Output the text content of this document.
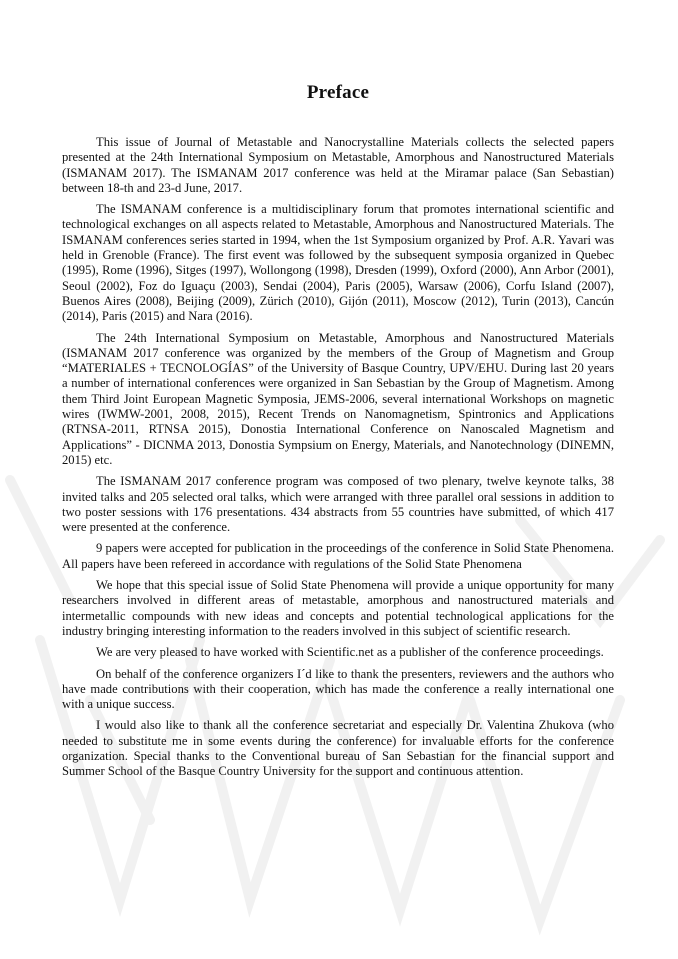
Preface

This issue of Journal of Metastable and Nanocrystalline Materials collects the selected papers presented at the 24th International Symposium on Metastable, Amorphous and Nanostructured Materials (ISMANAM 2017). The ISMANAM 2017 conference was held at the Miramar palace (San Sebastian) between 18-th and 23-d June, 2017.

The ISMANAM conference is a multidisciplinary forum that promotes international scientific and technological exchanges on all aspects related to Metastable, Amorphous and Nanostructured Materials. The ISMANAM conferences series started in 1994, when the 1st Symposium organized by Prof. A.R. Yavari was held in Grenoble (France). The first event was followed by the subsequent symposia organized in Quebec (1995), Rome (1996), Sitges (1997), Wollongong (1998), Dresden (1999), Oxford (2000), Ann Arbor (2001), Seoul (2002), Foz do Iguaçu (2003), Sendai (2004), Paris (2005), Warsaw (2006), Corfu Island (2007), Buenos Aires (2008), Beijing (2009), Zürich (2010), Gijón (2011), Moscow (2012), Turin (2013), Cancún (2014), Paris (2015) and Nara (2016).

The 24th International Symposium on Metastable, Amorphous and Nanostructured Materials (ISMANAM 2017 conference was organized by the members of the Group of Magnetism and Group “MATERIALES + TECNOLOGÍAS” of the University of Basque Country, UPV/EHU. During last 20 years a number of international conferences were organized in San Sebastian by the Group of Magnetism. Among them Third Joint European Magnetic Symposia, JEMS-2006, several international Workshops on magnetic wires (IWMW-2001, 2008, 2015), Recent Trends on Nanomagnetism, Spintronics and Applications (RTNSA-2011, RTNSA 2015), Donostia International Conference on Nanoscaled Magnetism and Applications” - DICNMA 2013, Donostia Sympsium on Energy, Materials, and Nanotechnology (DINEMN, 2015) etc.

The ISMANAM 2017 conference program was composed of two plenary, twelve keynote talks, 38 invited talks and 205 selected oral talks, which were arranged with three parallel oral sessions in addition to two poster sessions with 176 presentations. 434 abstracts from 55 countries have submitted, of which 417 were presented at the conference.

9 papers were accepted for publication in the proceedings of the conference in Solid State Phenomena. All papers have been refereed in accordance with regulations of the Solid State Phenomena

We hope that this special issue of Solid State Phenomena will provide a unique opportunity for many researchers involved in different areas of metastable, amorphous and nanostructured materials and intermetallic compounds with new ideas and concepts and potential technological applications for the industry bringing interesting information to the readers involved in this subject of scientific research.

We are very pleased to have worked with Scientific.net as a publisher of the conference proceedings.

On behalf of the conference organizers I´d like to thank the presenters, reviewers and the authors who have made contributions with their cooperation, which has made the conference a really international one with a unique success.

I would also like to thank all the conference secretariat and especially Dr. Valentina Zhukova (who needed to substitute me in some events during the conference) for invaluable efforts for the conference organization. Special thanks to the Conventional bureau of San Sebastian for the financial support and Summer School of the Basque Country University for the support and continuous attention.
